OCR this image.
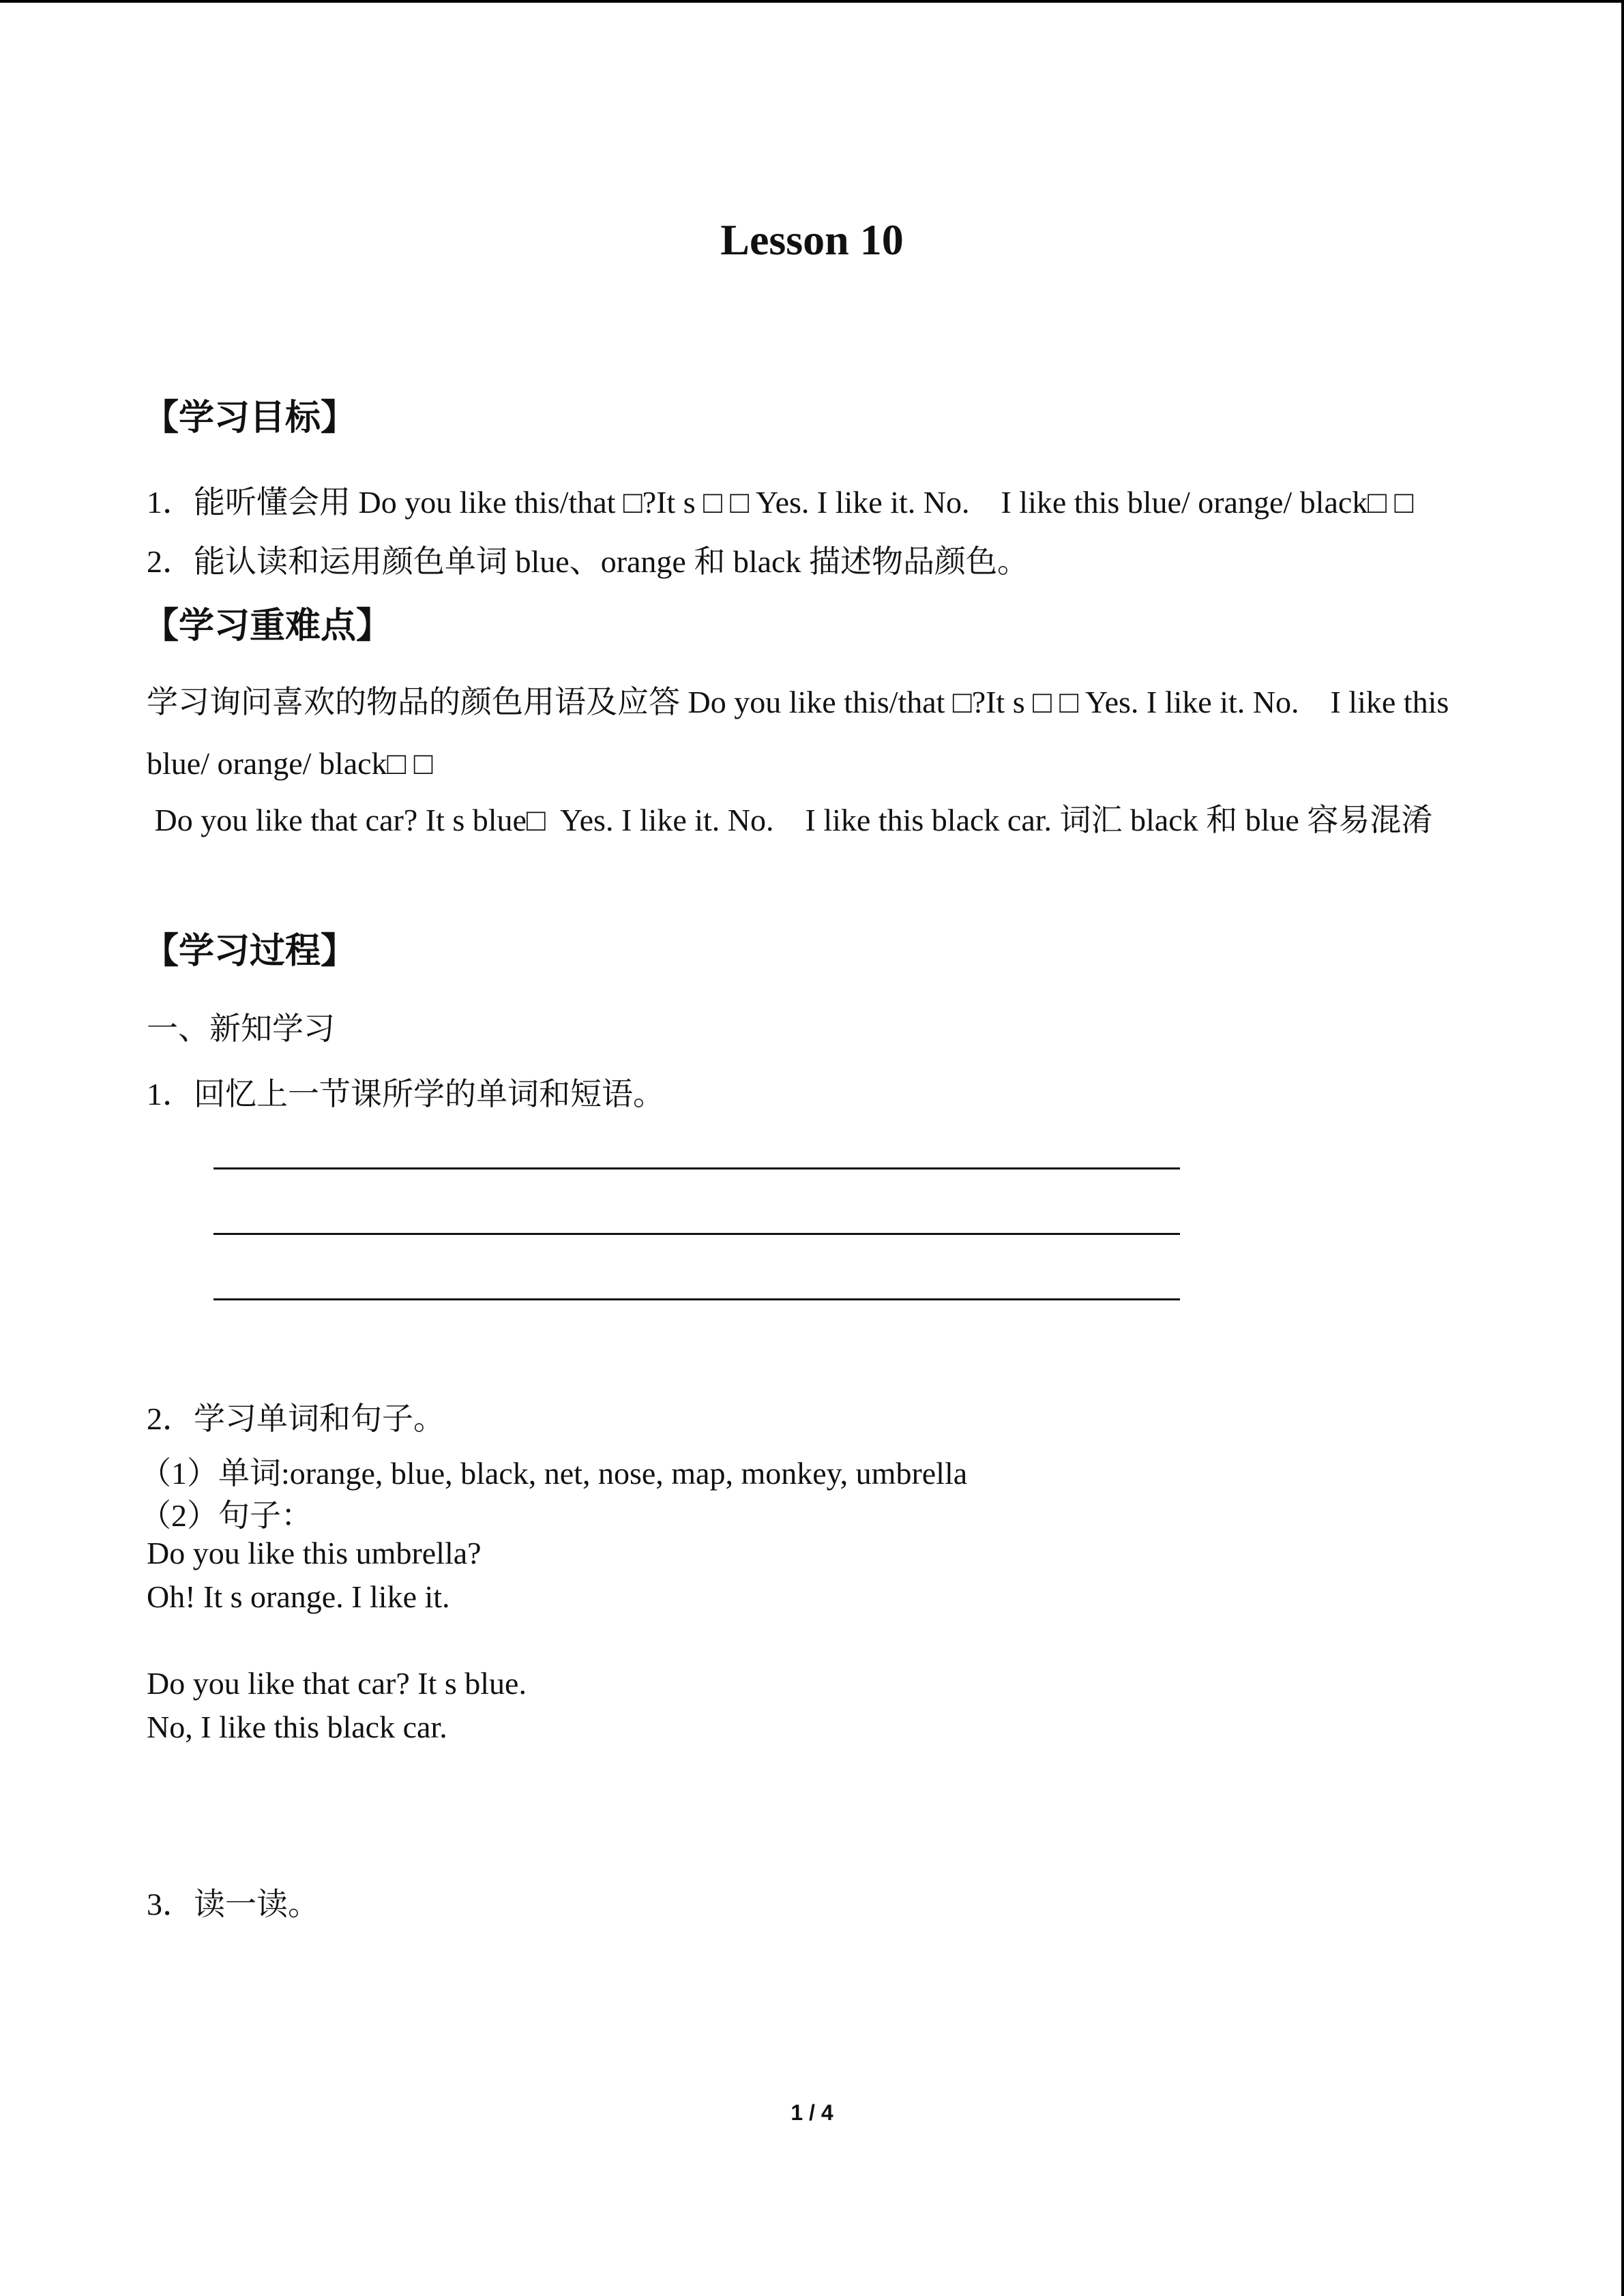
Lesson 10
【学习目标】
1．能听懂会用 Do you like this/that □?It s □ □ Yes. I like it. No.　I like this blue/ orange/ black□ □
2．能认读和运用颜色单词 blue、orange 和 black 描述物品颜色。
【学习重难点】
学习询问喜欢的物品的颜色用语及应答 Do you like this/that □?It s □ □ Yes. I like it. No.　I like this blue/ orange/ black□ □
 Do you like that car? It s blue□  Yes. I like it. No.　I like this black car. 词汇 black 和 blue 容易混淆
【学习过程】
一、新知学习
1．回忆上一节课所学的单词和短语。
2．学习单词和句子。
（1）单词:orange, blue, black, net, nose, map, monkey, umbrella
（2）句子：
Do you like this umbrella?
Oh! It s orange. I like it.
Do you like that car? It s blue.
No, I like this black car.
3．读一读。
1 / 4
